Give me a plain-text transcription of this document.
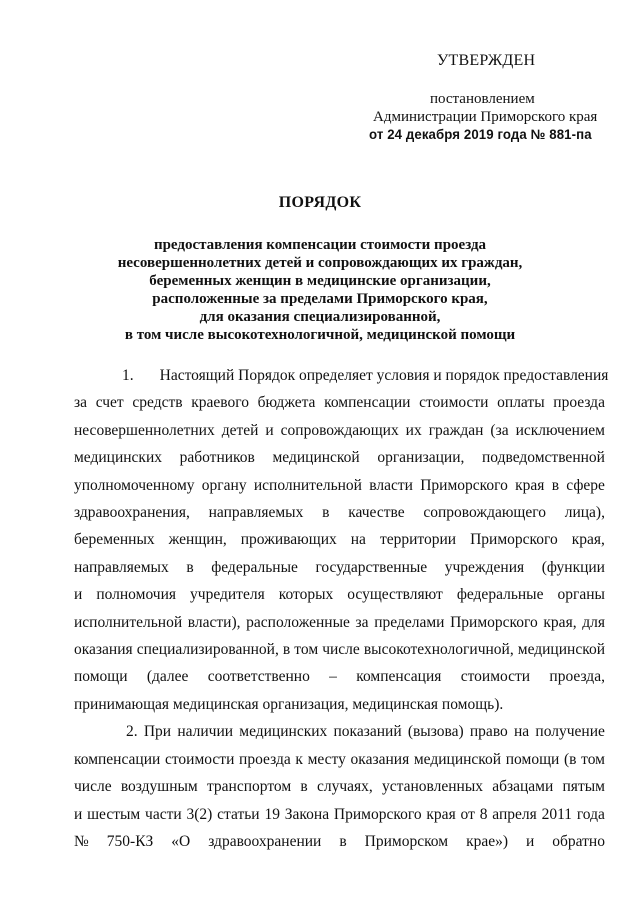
УТВЕРЖДЕН
постановлением
Администрации Приморского края
от 24 декабря 2019 года № 881-па
ПОРЯДОК
предоставления компенсации стоимости проезда
несовершеннолетних детей и сопровождающих их граждан,
беременных женщин в медицинские организации,
расположенные за пределами Приморского края,
для оказания специализированной,
в том числе высокотехнологичной, медицинской помощи
1. Настоящий Порядок определяет условия и порядок предоставления
за счет средств краевого бюджета компенсации стоимости оплаты проезда
несовершеннолетних детей и сопровождающих их граждан (за исключением
медицинских работников медицинской организации, подведомственной
уполномоченному органу исполнительной власти Приморского края в сфере
здравоохранения, направляемых в качестве сопровождающего лица),
беременных женщин, проживающих на территории Приморского края,
направляемых в федеральные государственные учреждения (функции
и полномочия учредителя которых осуществляют федеральные органы
исполнительной власти), расположенные за пределами Приморского края, для
оказания специализированной, в том числе высокотехнологичной, медицинской
помощи (далее соответственно – компенсация стоимости проезда,
принимающая медицинская организация, медицинская помощь).
2. При наличии медицинских показаний (вызова) право на получение
компенсации стоимости проезда к месту оказания медицинской помощи (в том
числе воздушным транспортом в случаях, установленных абзацами пятым
и шестым части 3(2) статьи 19 Закона Приморского края от 8 апреля 2011 года
№ 750-КЗ «О здравоохранении в Приморском крае») и обратно
